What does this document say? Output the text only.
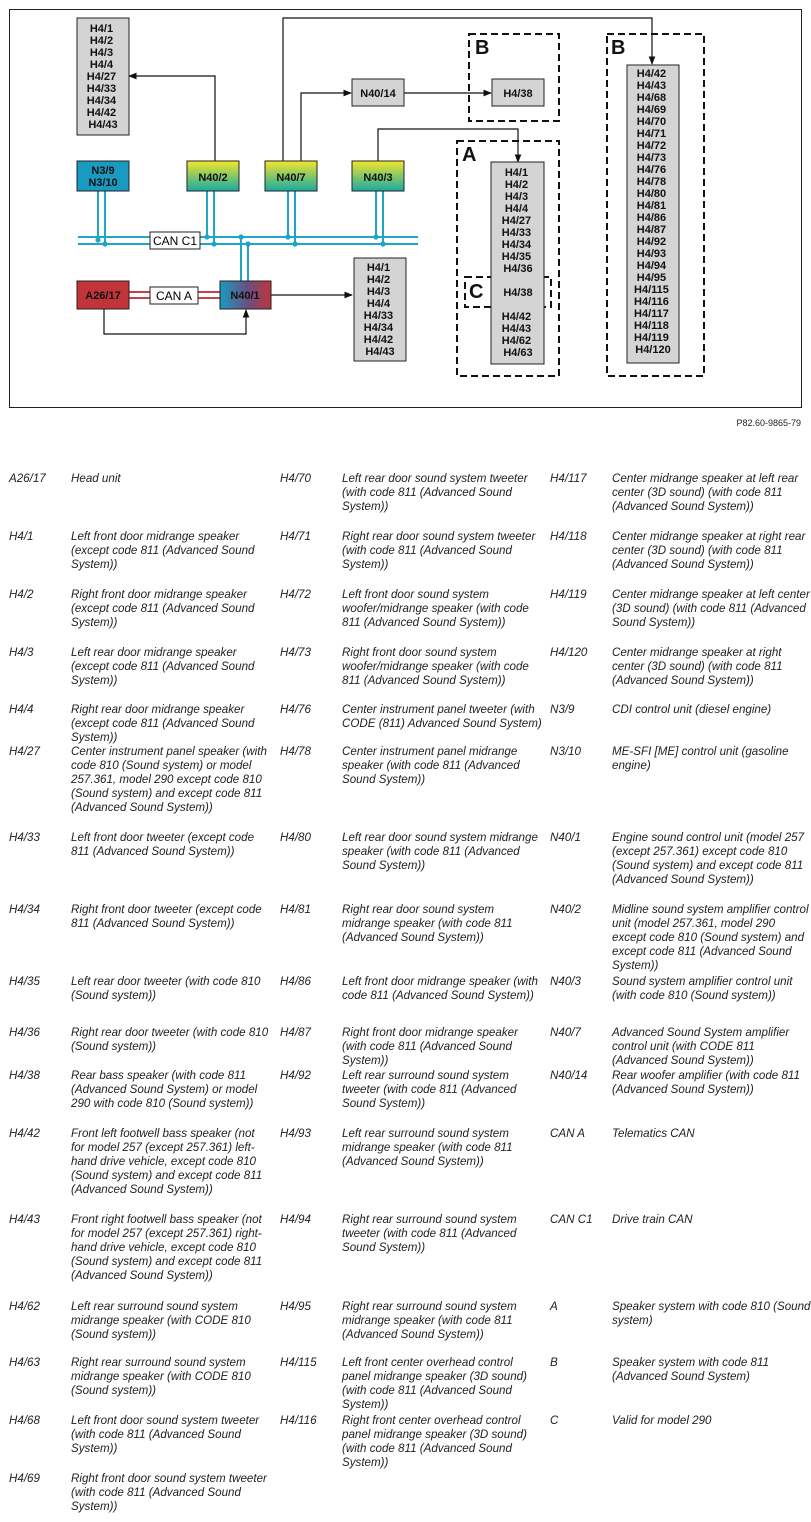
CAN C1
CAN A
B	B
A
C
H4/1 H4/2 H4/3 H4/4 H4/27 H4/33 H4/34 H4/42 H4/43
H4/1 H4/2 H4/3 H4/4 H4/33 H4/34 H4/42 H4/43
H4/1 H4/2 H4/3 H4/4 H4/27 H4/33 H4/34 H4/35 H4/36
H4/38
H4/42 H4/43 H4/62 H4/63
H4/42 H4/43 H4/68 H4/69 H4/70 H4/71 H4/72 H4/73 H4/76 H4/78 H4/80 H4/81 H4/86 H4/87 H4/92 H4/93 H4/94 H4/95 H4/115 H4/116 H4/117 H4/118 H4/119 H4/120
H4/38
N40/14
N3/9
N3/10	N40/2	N40/7	N40/3
A26/17	N40/1
P82.60-9865-79
A26/17	Head unit
H4/1	Left front door midrange speaker (except code 811 (Advanced Sound System))
H4/2	Right front door midrange speaker (except code 811 (Advanced Sound System))
H4/3	Left rear door midrange speaker (except code 811 (Advanced Sound System))
H4/4	Right rear door midrange speaker (except code 811 (Advanced Sound System))
H4/27	Center instrument panel speaker (with code 810 (Sound system) or model 257.361, model 290 except code 810 (Sound system) and except code 811 (Advanced Sound System))
H4/33	Left front door tweeter (except code 811 (Advanced Sound System))
H4/34	Right front door tweeter (except code 811 (Advanced Sound System))
H4/35	Left rear door tweeter (with code 810 (Sound system))
H4/36	Right rear door tweeter (with code 810 (Sound system))
H4/38	Rear bass speaker (with code 811 (Advanced Sound System) or model 290 with code 810 (Sound system))
H4/42	Front left footwell bass speaker (not for model 257 (except 257.361) left-hand drive vehicle, except code 810 (Sound system) and except code 811 (Advanced Sound System))
H4/43	Front right footwell bass speaker (not for model 257 (except 257.361) right-hand drive vehicle, except code 810 (Sound system) and except code 811 (Advanced Sound System))
H4/62	Left rear surround sound system midrange speaker (with CODE 810 (Sound system))
H4/63	Right rear surround sound system midrange speaker (with CODE 810 (Sound system))
H4/68	Left front door sound system tweeter (with code 811 (Advanced Sound System))
H4/69	Right front door sound system tweeter (with code 811 (Advanced Sound System))
H4/70	Left rear door sound system tweeter (with code 811 (Advanced Sound System))
H4/71	Right rear door sound system tweeter (with code 811 (Advanced Sound System))
H4/72	Left front door sound system woofer/midrange speaker (with code 811 (Advanced Sound System))
H4/73	Right front door sound system woofer/midrange speaker (with code 811 (Advanced Sound System))
H4/76	Center instrument panel tweeter (with CODE (811) Advanced Sound System)
H4/78	Center instrument panel midrange speaker (with code 811 (Advanced Sound System))
H4/80	Left rear door sound system midrange speaker (with code 811 (Advanced Sound System))
H4/81	Right rear door sound system midrange speaker (with code 811 (Advanced Sound System))
H4/86	Left front door midrange speaker (with code 811 (Advanced Sound System))
H4/87	Right front door midrange speaker (with code 811 (Advanced Sound System))
H4/92	Left rear surround sound system tweeter (with code 811 (Advanced Sound System))
H4/93	Left rear surround sound system midrange speaker (with code 811 (Advanced Sound System))
H4/94	Right rear surround sound system tweeter (with code 811 (Advanced Sound System))
H4/95	Right rear surround sound system midrange speaker (with code 811 (Advanced Sound System))
H4/115	Left front center overhead control panel midrange speaker (3D sound) (with code 811 (Advanced Sound System))
H4/116	Right front center overhead control panel midrange speaker (3D sound) (with code 811 (Advanced Sound System))
H4/117	Center midrange speaker at left rear center (3D sound) (with code 811 (Advanced Sound System))
H4/118	Center midrange speaker at right rear center (3D sound) (with code 811 (Advanced Sound System))
H4/119	Center midrange speaker at left center (3D sound) (with code 811 (Advanced Sound System))
H4/120	Center midrange speaker at right center (3D sound) (with code 811 (Advanced Sound System))
N3/9	CDI control unit (diesel engine)
N3/10	ME-SFI [ME] control unit (gasoline engine)
N40/1	Engine sound control unit (model 257 (except 257.361) except code 810 (Sound system) and except code 811 (Advanced Sound System))
N40/2	Midline sound system amplifier control unit (model 257.361, model 290 except code 810 (Sound system) and except code 811 (Advanced Sound System))
N40/3	Sound system amplifier control unit (with code 810 (Sound system))
N40/7	Advanced Sound System amplifier control unit (with CODE 811 (Advanced Sound System))
N40/14	Rear woofer amplifier (with code 811 (Advanced Sound System))
CAN A	Telematics CAN
CAN C1	Drive train CAN
A	Speaker system with code 810 (Sound system)
B	Speaker system with code 811 (Advanced Sound System)
C	Valid for model 290
